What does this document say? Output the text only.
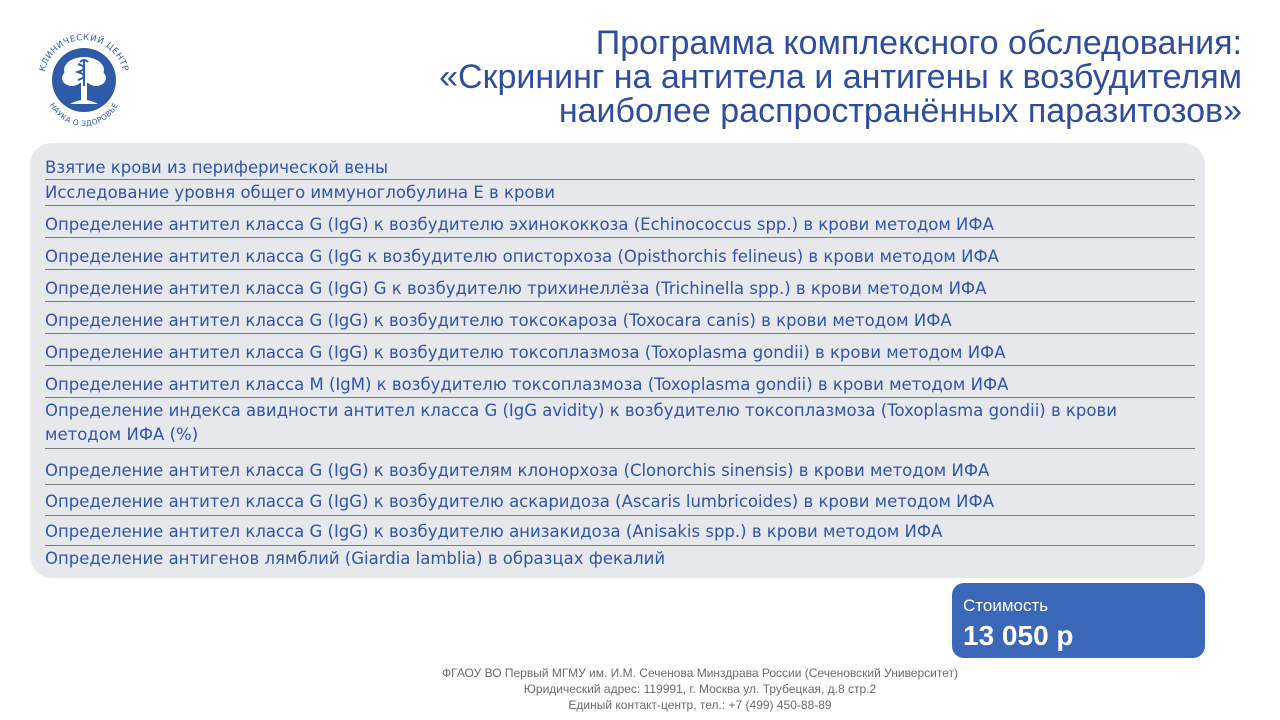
КЛИНИЧЕСКИЙ ЦЕНТР
НАУКА О ЗДОРОВЬЕ
Программа комплексного обследования:
«Скрининг на антитела и антигены к возбудителям
наиболее распространённых паразитозов»
Взятие крови из периферической вены
Исследование уровня общего иммуноглобулина Е в крови
Определение антител класса G (IgG) к возбудителю эхинококкоза (Echinococcus spp.) в крови методом ИФА
Определение антител класса G (IgG к возбудителю описторхоза (Opisthorchis felineus) в крови методом ИФА
Определение антител класса G (IgG) G к возбудителю трихинеллёза (Trichinella spp.) в крови методом ИФА
Определение антител класса G (IgG) к возбудителю токсокароза (Toxocara canis) в крови методом ИФА
Определение антител класса G (IgG) к возбудителю токсоплазмоза (Toxoplasma gondii) в крови методом ИФА
Определение антител класса M (IgM) к возбудителю токсоплазмоза (Toxoplasma gondii) в крови методом ИФА
Определение индекса авидности антител класса G (IgG avidity) к возбудителю токсоплазмоза (Toxoplasma gondii) в крови методом ИФА (%)
Определение антител класса G (IgG) к возбудителям клонорхоза (Clonorchis sinensis) в крови методом ИФА
Определение антител класса G (IgG) к возбудителю аскаридоза (Ascaris lumbricoides) в крови методом ИФА
Определение антител класса G (IgG) к возбудителю анизакидоза (Anisakis spp.) в крови методом ИФА
Определение антигенов лямблий (Giardia lamblia) в образцах фекалий
Стоимость
13 050 р
ФГАОУ ВО Первый МГМУ им. И.М. Сеченова Минздрава России (Сеченовский Университет)
Юридический адрес: 119991, г. Москва ул. Трубецкая, д.8 стр.2
Единый контакт-центр, тел.: +7 (499) 450-88-89
